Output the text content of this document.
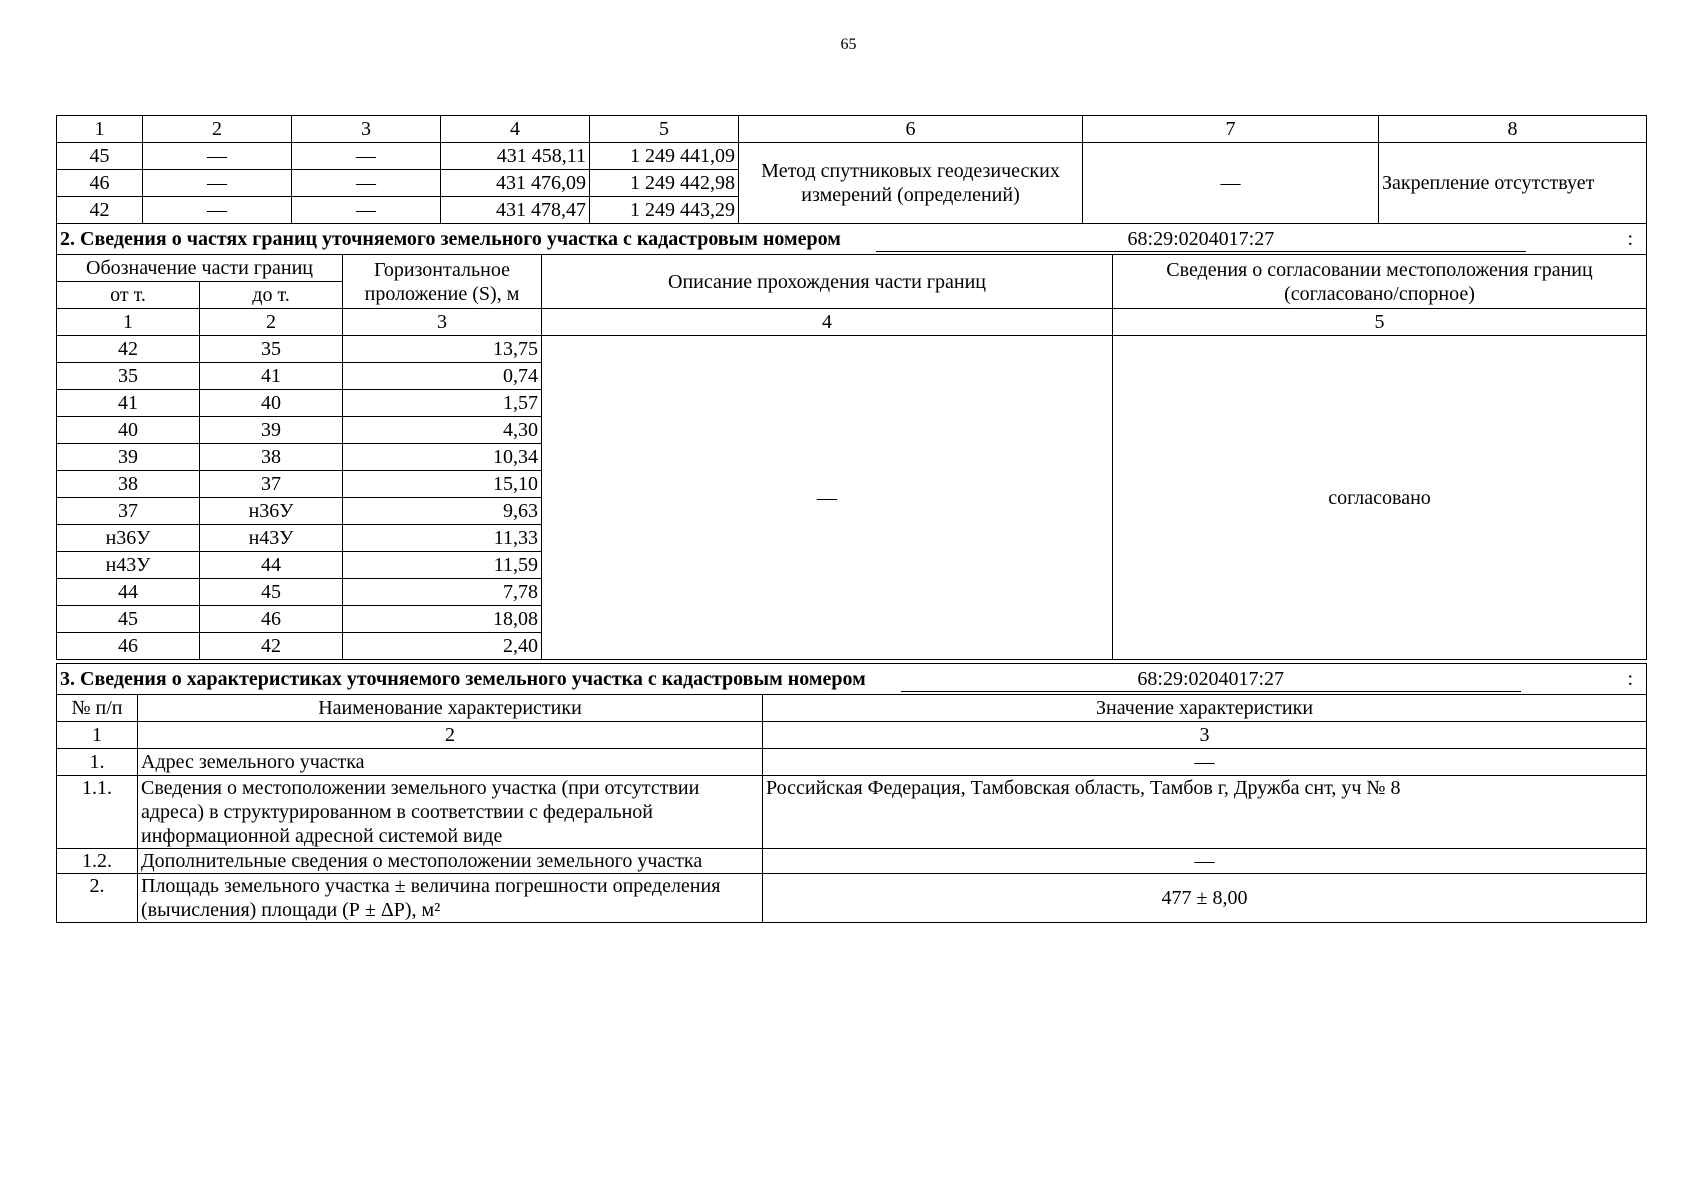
65
1	2	3	4	5	6	7	8
45	—	—	431 458,11	1 249 441,09	Метод спутниковых геодезических измерений (определений)	—	Закрепление отсутствует
46	—	—	431 476,09	1 249 442,98			
42	—	—	431 478,47	1 249 443,29			
2. Сведения о частях границ уточняемого земельного участка с кадастровым номером 68:29:0204017:27 :				

Обозначение части границ		Горизонтальное проложение (S), м	Описание прохождения части границ	Сведения о согласовании местоположения границ (согласовано/спорное)
от т.	до т.			
1	2	3	4	5
42	35	13,75	—	согласовано
35	41	0,74		
41	40	1,57		
40	39	4,30		
39	38	10,34		
38	37	15,10		
37	н36У	9,63		
н36У	н43У	11,33		
н43У	44	11,59		
44	45	7,78		
45	46	18,08		
46	42	2,40		
3. Сведения о характеристиках уточняемого земельного участка с кадастровым номером 68:29:0204017:27 :		

№ п/п	Наименование характеристики	Значение характеристики
1	2	3
1.	Адрес земельного участка	—
1.1.	Сведения о местоположении земельного участка (при отсутствии адреса) в структурированном в соответствии с федеральной информационной адресной системой виде	Российская Федерация, Тамбовская область, Тамбов г, Дружба снт, уч № 8
1.2.	Дополнительные сведения о местоположении земельного участка	—
2.	Площадь земельного участка ± величина погрешности определения (вычисления) площади (Р ± ΔР), м²	477 ± 8,00
